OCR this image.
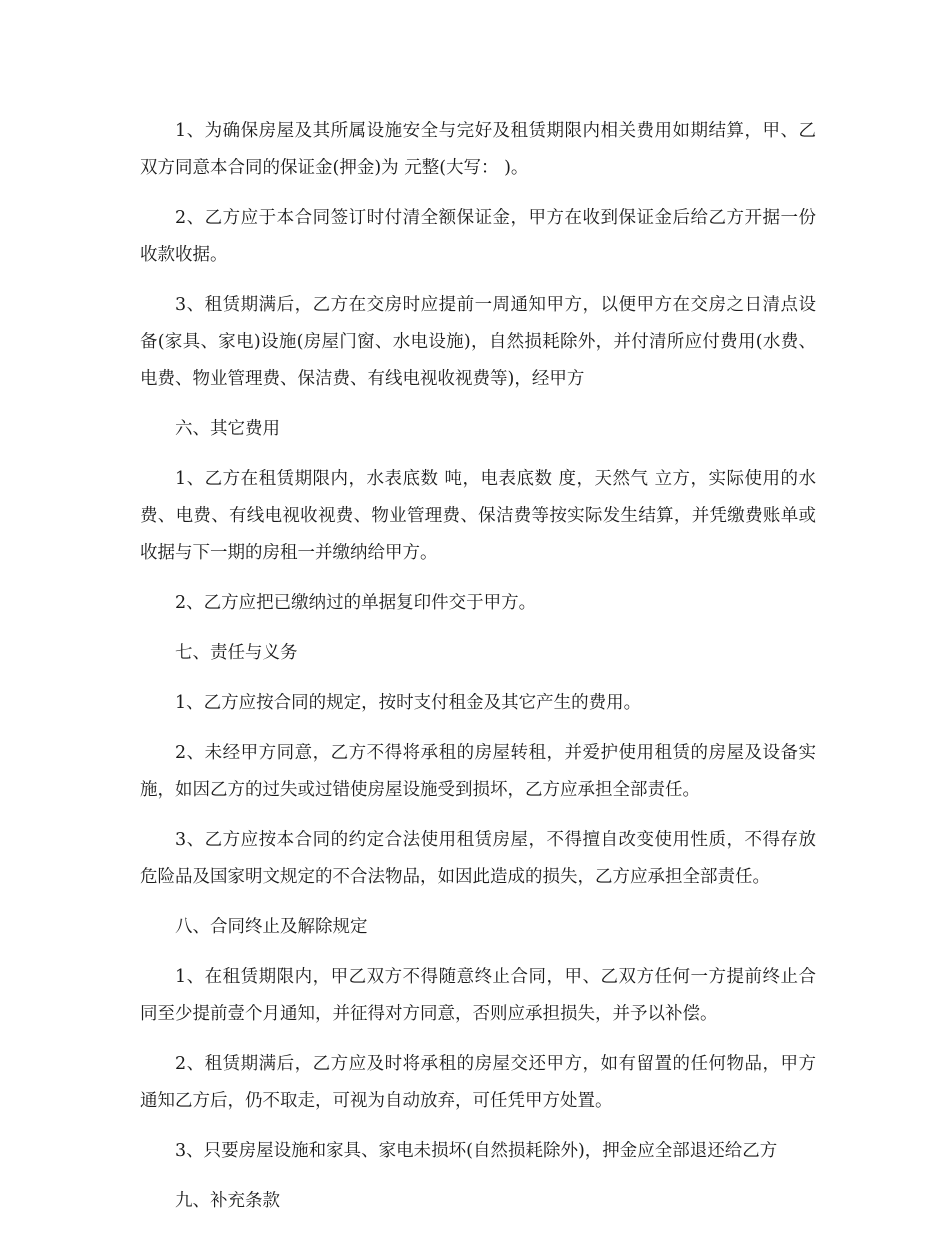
1、为确保房屋及其所属设施安全与完好及租赁期限内相关费用如期结算，甲、乙双方同意本合同的保证金(押金)为 元整(大写： )。

2、乙方应于本合同签订时付清全额保证金，甲方在收到保证金后给乙方开据一份收款收据。

3、租赁期满后，乙方在交房时应提前一周通知甲方，以便甲方在交房之日清点设备(家具、家电)设施(房屋门窗、水电设施)，自然损耗除外，并付清所应付费用(水费、电费、物业管理费、保洁费、有线电视收视费等)，经甲方

六、其它费用

1、乙方在租赁期限内，水表底数 吨，电表底数 度，天然气 立方，实际使用的水费、电费、有线电视收视费、物业管理费、保洁费等按实际发生结算，并凭缴费账单或收据与下一期的房租一并缴纳给甲方。

2、乙方应把已缴纳过的单据复印件交于甲方。

七、责任与义务

1、乙方应按合同的规定，按时支付租金及其它产生的费用。

2、未经甲方同意，乙方不得将承租的房屋转租，并爱护使用租赁的房屋及设备实施，如因乙方的过失或过错使房屋设施受到损坏，乙方应承担全部责任。

3、乙方应按本合同的约定合法使用租赁房屋，不得擅自改变使用性质，不得存放危险品及国家明文规定的不合法物品，如因此造成的损失，乙方应承担全部责任。

八、合同终止及解除规定

1、在租赁期限内，甲乙双方不得随意终止合同，甲、乙双方任何一方提前终止合同至少提前壹个月通知，并征得对方同意，否则应承担损失，并予以补偿。

2、租赁期满后，乙方应及时将承租的房屋交还甲方，如有留置的任何物品，甲方通知乙方后，仍不取走，可视为自动放弃，可任凭甲方处置。

3、只要房屋设施和家具、家电未损坏(自然损耗除外)，押金应全部退还给乙方

九、补充条款
